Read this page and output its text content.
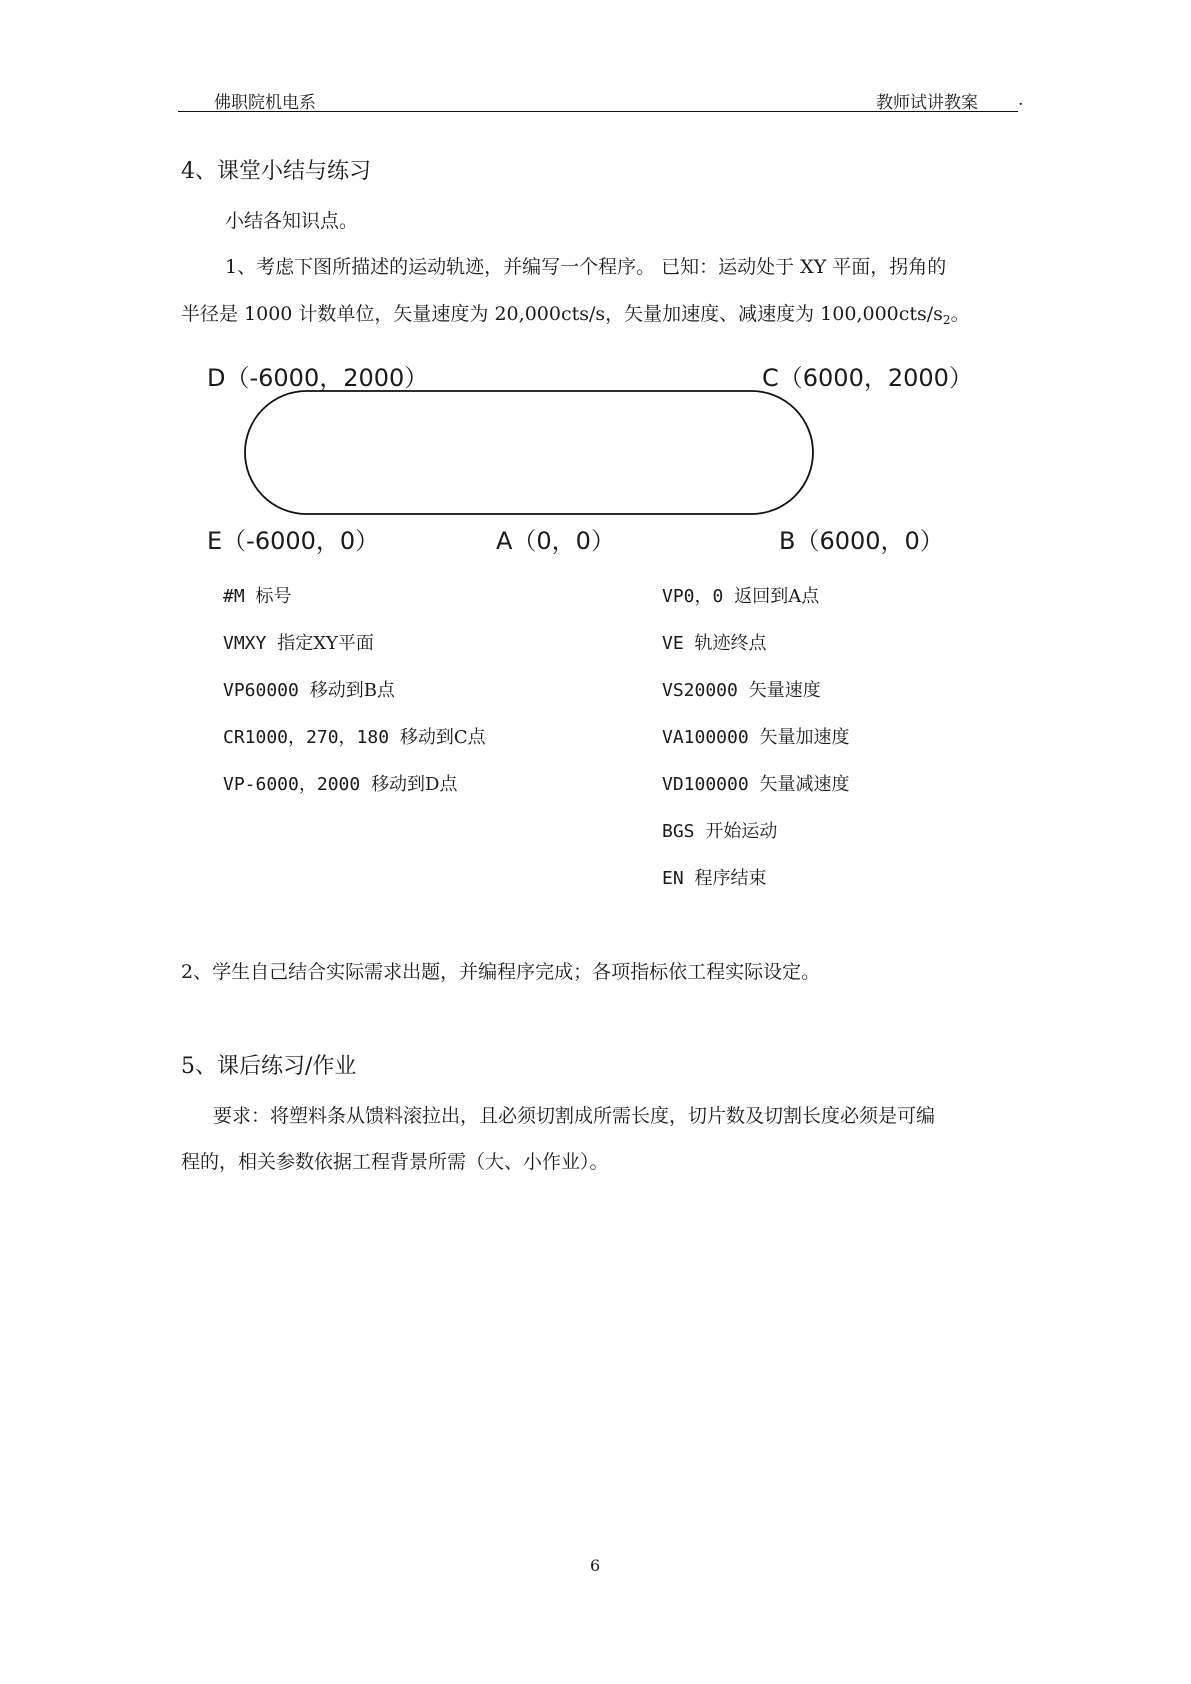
佛职院机电系	教师试讲教案 .
4、课堂小结与练习
小结各知识点。
1、考虑下图所描述的运动轨迹，并编写一个程序。 已知：运动处于 XY 平面，拐角的
半径是 1000 计数单位，矢量速度为 20,000cts/s，矢量加速度、减速度为 $100,000cts/s_2$。
D（-6000，2000）	C（6000，2000）
E（-6000，0）	A（0，0）	B（6000，0）
#M 标号
VMXY 指定XY平面
VP60000 移动到B点
CR1000，270，180 移动到C点
VP-6000，2000 移动到D点
VP0，0 返回到A点
VE 轨迹终点
VS20000 矢量速度
VA100000 矢量加速度
VD100000 矢量减速度
BGS 开始运动
EN 程序结束
2、学生自己结合实际需求出题，并编程序完成；各项指标依工程实际设定。
5、课后练习/作业
要求：将塑料条从馈料滚拉出，且必须切割成所需长度，切片数及切割长度必须是可编
程的，相关参数依据工程背景所需（大、小作业）。
6
